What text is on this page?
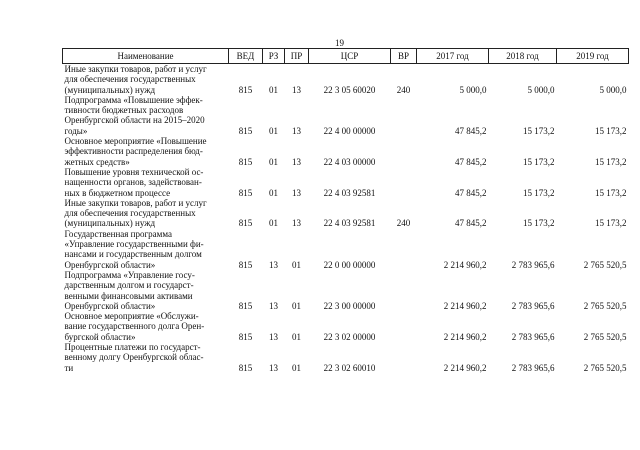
19
Наименование	ВЕД	РЗ	ПР	ЦСР	ВР	2017 год	2018 год	2019 год

Иные закупки товаров, работ и услуг
для обеспечения государственных
(муниципальных) нужд	815	01	13	22 3 05 60020	240	5 000,0	5 000,0	5 000,0

Подпрограмма «Повышение эффек-
тивности бюджетных расходов
Оренбургской области на 2015–2020
годы»	815	01	13	22 4 00 00000		47 845,2	15 173,2	15 173,2

Основное мероприятие «Повышение
эффективности распределения бюд-
жетных средств»	815	01	13	22 4 03 00000		47 845,2	15 173,2	15 173,2

Повышение уровня технической ос-
нащенности органов, задействован-
ных в бюджетном процессе	815	01	13	22 4 03 92581		47 845,2	15 173,2	15 173,2

Иные закупки товаров, работ и услуг
для обеспечения государственных
(муниципальных) нужд	815	01	13	22 4 03 92581	240	47 845,2	15 173,2	15 173,2

Государственная программа
«Управление государственными фи-
нансами и государственным долгом
Оренбургской области»	815	13	01	22 0 00 00000		2 214 960,2	2 783 965,6	2 765 520,5

Подпрограмма «Управление госу-
дарственным долгом и государст-
венными финансовыми активами
Оренбургской области»	815	13	01	22 3 00 00000		2 214 960,2	2 783 965,6	2 765 520,5

Основное мероприятие «Обслужи-
вание государственного долга Орен-
бургской области»	815	13	01	22 3 02 00000		2 214 960,2	2 783 965,6	2 765 520,5

Процентные платежи по государст-
венному долгу Оренбургской облас-
ти	815	13	01	22 3 02 60010		2 214 960,2	2 783 965,6	2 765 520,5
